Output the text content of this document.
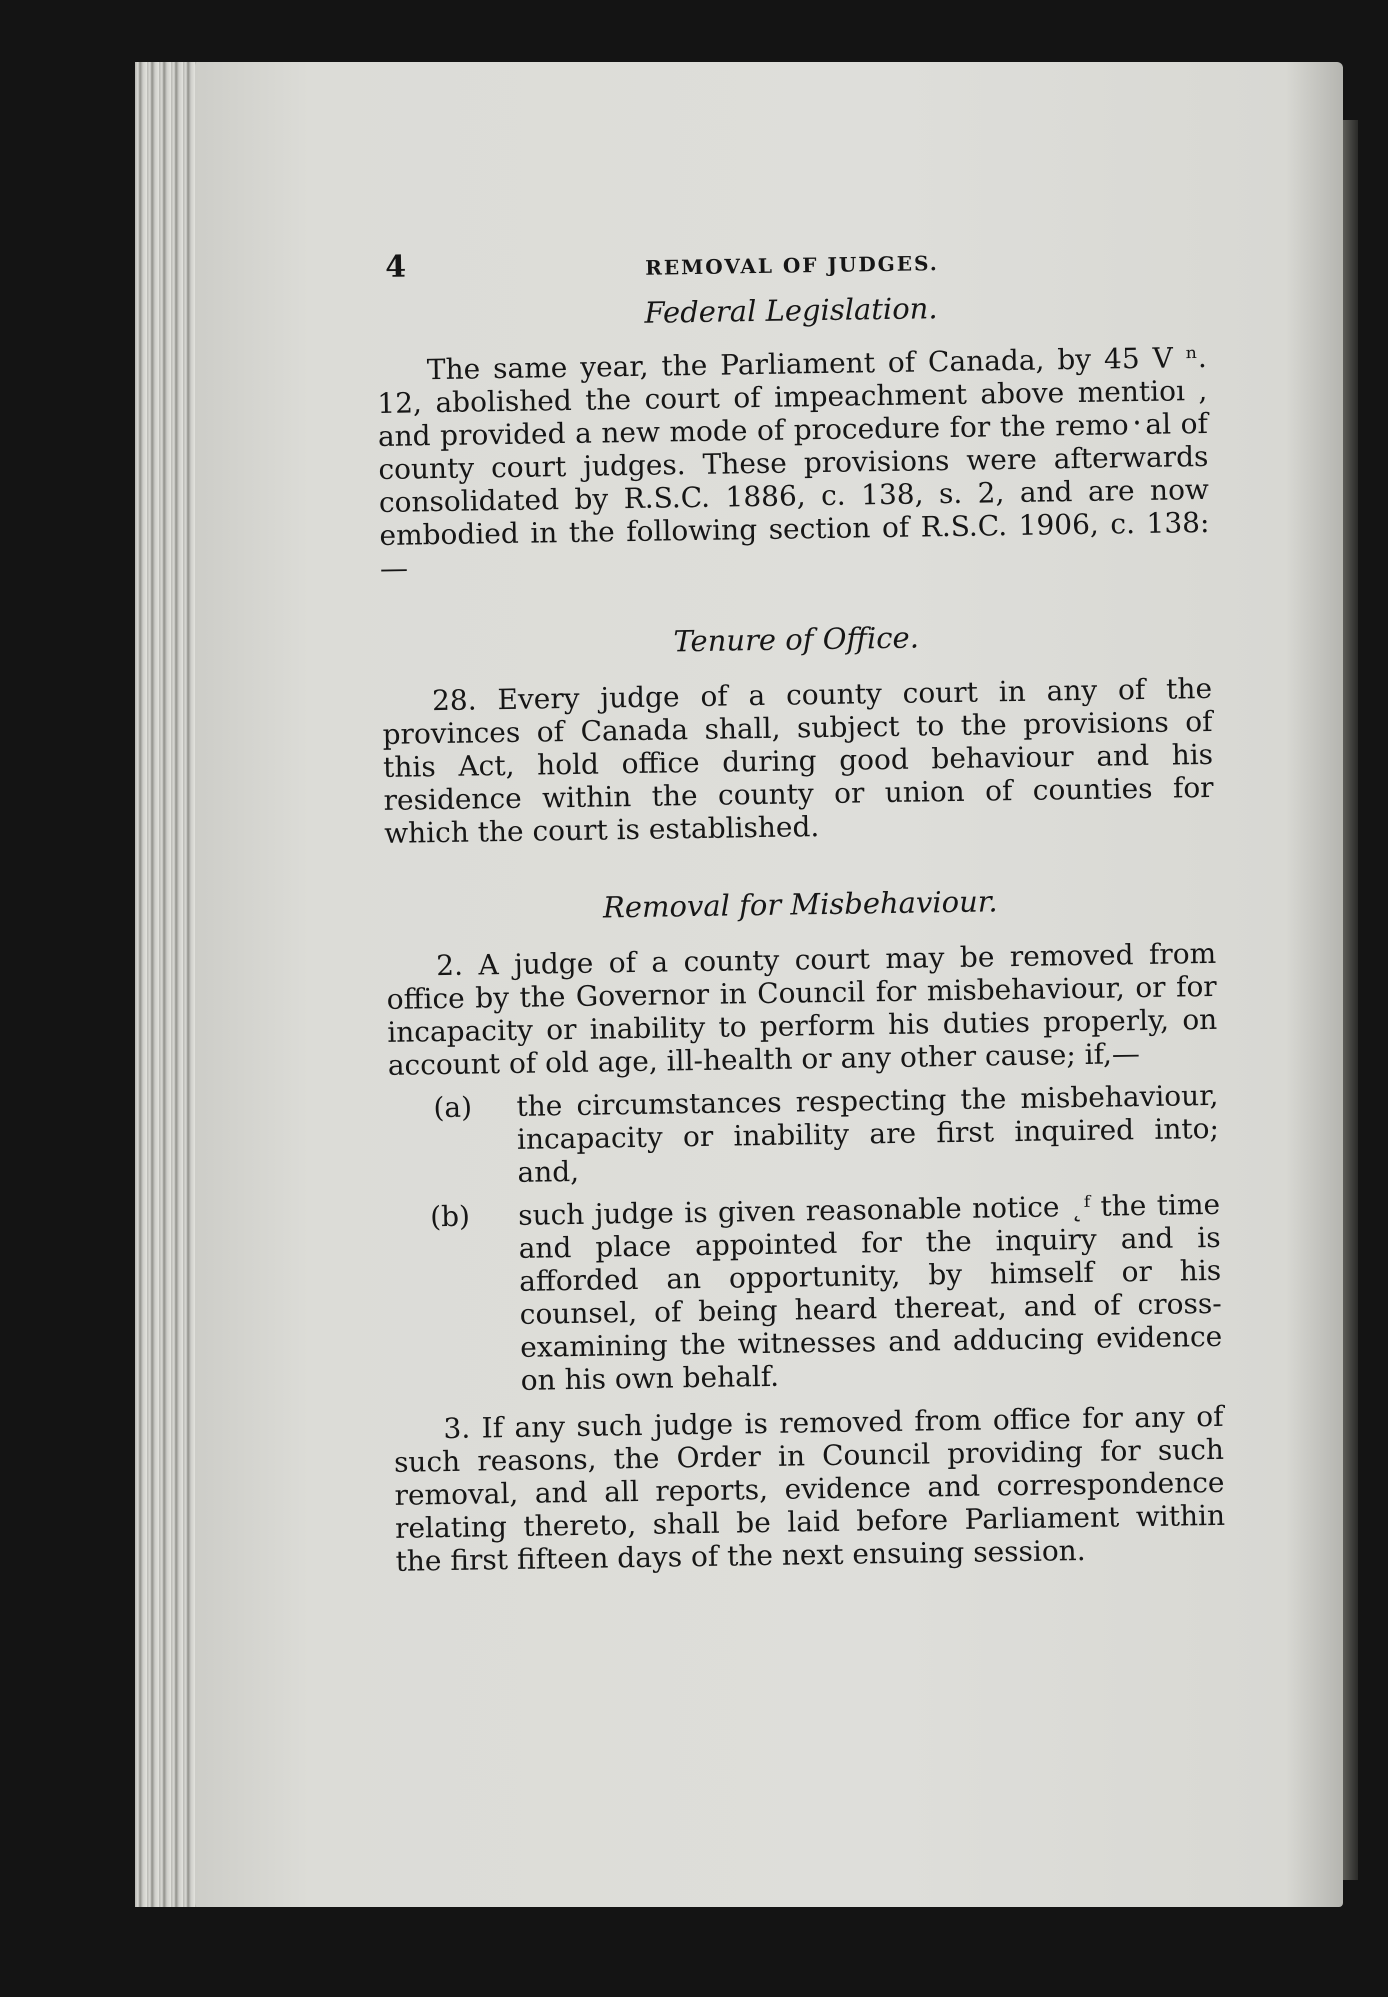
4	REMOVAL OF JUDGES.

Federal Legislation.

The same year, the Parliament of Canada, by 45 V ⁿ. 12, abolished the court of impeachment above mentioı , and provided a new mode of procedure for the remo᛫al of county court judges. These provisions were afterwards consolidated by R.S.C. 1886, c. 138, s. 2, and are now embodied in the following section of R.S.C. 1906, c. 138:—

Tenure of Office.

28. Every judge of a county court in any of the provinces of Canada shall, subject to the provisions of this Act, hold office during good behaviour and his residence within the county or union of counties for which the court is established.

Removal for Misbehaviour.

2. A judge of a county court may be removed from office by the Governor in Council for misbehaviour, or for incapacity or inability to perform his duties properly, on account of old age, ill-health or any other cause; if,—

(a) the circumstances respecting the misbehaviour, incapacity or inability are first inquired into; and,
(b) such judge is given reasonable notice ˛ᶠ the time and place appointed for the inquiry and is afforded an opportunity, by himself or his counsel, of being heard thereat, and of cross-examining the witnesses and adducing evidence on his own behalf.

3. If any such judge is removed from office for any of such reasons, the Order in Council providing for such removal, and all reports, evidence and correspondence relating thereto, shall be laid before Parliament within the first fifteen days of the next ensuing session.
